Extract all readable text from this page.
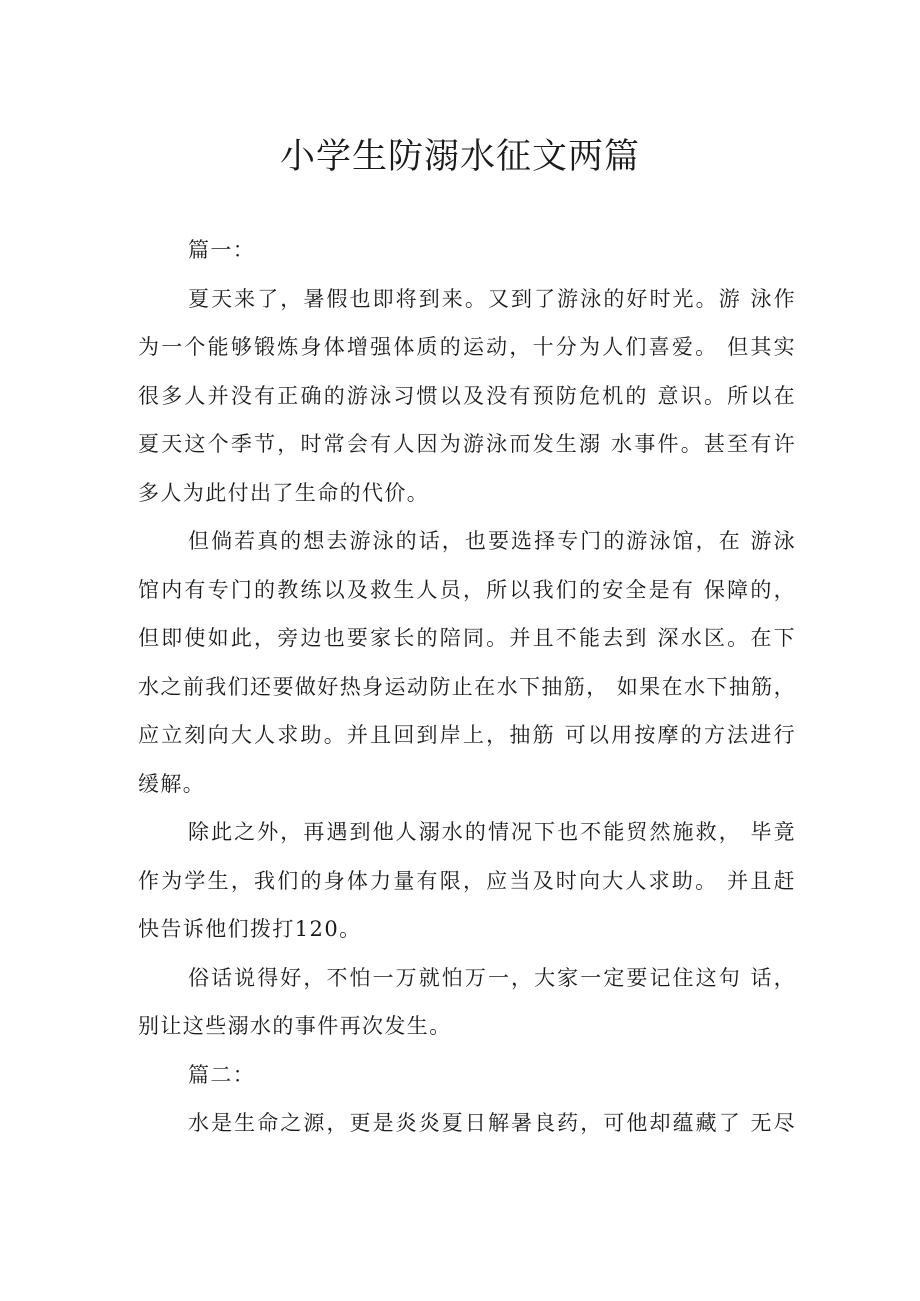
小学生防溺水征文两篇

篇一：

夏天来了，暑假也即将到来。又到了游泳的好时光。游 泳作
为一个能够锻炼身体增强体质的运动，十分为人们喜爱。 但其实
很多人并没有正确的游泳习惯以及没有预防危机的 意识。所以在
夏天这个季节，时常会有人因为游泳而发生溺 水事件。甚至有许
多人为此付出了生命的代价。

但倘若真的想去游泳的话，也要选择专门的游泳馆，在 游泳
馆内有专门的教练以及救生人员，所以我们的安全是有 保障的，
但即使如此，旁边也要家长的陪同。并且不能去到 深水区。在下
水之前我们还要做好热身运动防止在水下抽筋， 如果在水下抽筋，
应立刻向大人求助。并且回到岸上，抽筋 可以用按摩的方法进行
缓解。

除此之外，再遇到他人溺水的情况下也不能贸然施救， 毕竟
作为学生，我们的身体力量有限，应当及时向大人求助。 并且赶
快告诉他们拨打120。

俗话说得好，不怕一万就怕万一，大家一定要记住这句 话，
别让这些溺水的事件再次发生。

篇二：

水是生命之源，更是炎炎夏日解暑良药，可他却蕴藏了 无尽
